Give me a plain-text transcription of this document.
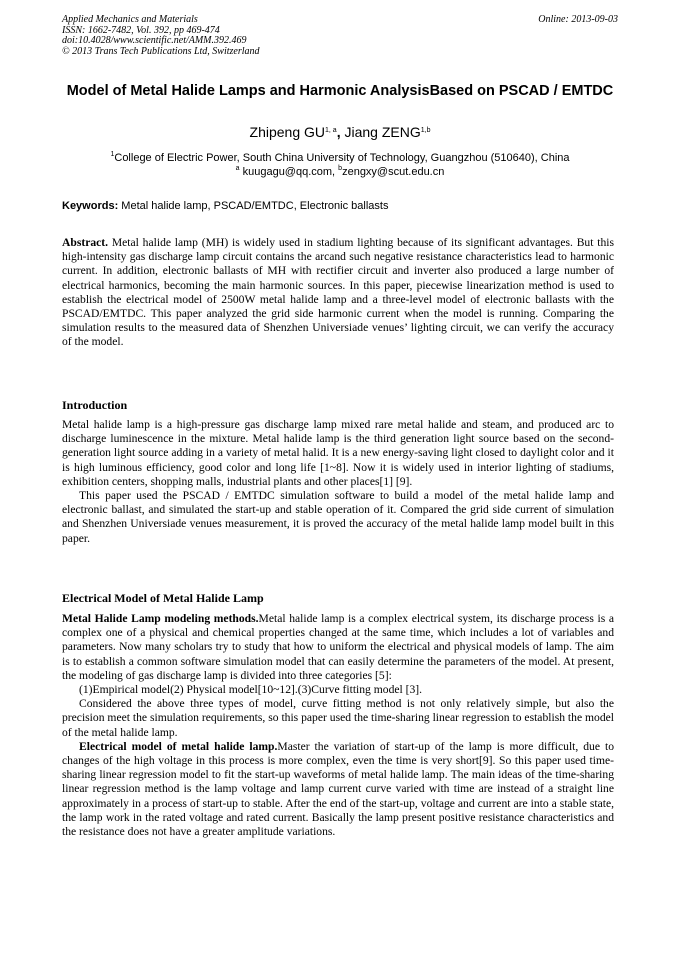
Applied Mechanics and Materials
ISSN: 1662-7482, Vol. 392, pp 469-474
doi:10.4028/www.scientific.net/AMM.392.469
© 2013 Trans Tech Publications Ltd, Switzerland
Online: 2013-09-03
Model of Metal Halide Lamps and Harmonic AnalysisBased on PSCAD / EMTDC
Zhipeng GU$^{1, a}$, Jiang ZENG$^{1,b}$
$^1$College of Electric Power, South China University of Technology, Guangzhou (510640), China
$^a$ kuugagu@qq.com, $^b$zengxy@scut.edu.cn
Keywords: Metal halide lamp, PSCAD/EMTDC, Electronic ballasts

Abstract. Metal halide lamp (MH) is widely used in stadium lighting because of its significant advantages. But this high-intensity gas discharge lamp circuit contains the arcand such negative resistance characteristics lead to harmonic current. In addition, electronic ballasts of MH with rectifier circuit and inverter also produced a large number of electrical harmonics, becoming the main harmonic sources. In this paper, piecewise linearization method is used to establish the electrical model of 2500W metal halide lamp and a three-level model of electronic ballasts with the PSCAD/EMTDC. This paper analyzed the grid side harmonic current when the model is running. Comparing the simulation results to the measured data of Shenzhen Universiade venues’ lighting circuit, we can verify the accuracy of the model.

Introduction

Metal halide lamp is a high-pressure gas discharge lamp mixed rare metal halide and steam, and produced arc to discharge luminescence in the mixture. Metal halide lamp is the third generation light source based on the second-generation light source adding in a variety of metal halid. It is a new energy-saving light closed to daylight color and it is high luminous efficiency, good color and long life [1~8]. Now it is widely used in interior lighting of stadiums, exhibition centers, shopping malls, industrial plants and other places[1] [9].

This paper used the PSCAD / EMTDC simulation software to build a model of the metal halide lamp and electronic ballast, and simulated the start-up and stable operation of it. Compared the grid side current of simulation and Shenzhen Universiade venues measurement, it is proved the accuracy of the metal halide lamp model built in this paper.

Electrical Model of Metal Halide Lamp

Metal Halide Lamp modeling methods.Metal halide lamp is a complex electrical system, its discharge process is a complex one of a physical and chemical properties changed at the same time, which includes a lot of variables and parameters. Now many scholars try to study that how to uniform the electrical and physical models of lamp. The aim is to establish a common software simulation model that can easily determine the parameters of the model. At present, the modeling of gas discharge lamp is divided into three categories [5]:

(1)Empirical model(2) Physical model[10~12].(3)Curve fitting model [3].

Considered the above three types of model, curve fitting method is not only relatively simple, but also the precision meet the simulation requirements, so this paper used the time-sharing linear regression to establish the model of the metal halide lamp.

Electrical model of metal halide lamp.Master the variation of start-up of the lamp is more difficult, due to changes of the high voltage in this process is more complex, even the time is very short[9]. So this paper used time-sharing linear regression model to fit the start-up waveforms of metal halide lamp. The main ideas of the time-sharing linear regression method is the lamp voltage and lamp current curve varied with time are instead of a straight line approximately in a process of start-up to stable. After the end of the start-up, voltage and current are into a stable state, the lamp work in the rated voltage and rated current. Basically the lamp present positive resistance characteristics and the resistance does not have a greater amplitude variations.
